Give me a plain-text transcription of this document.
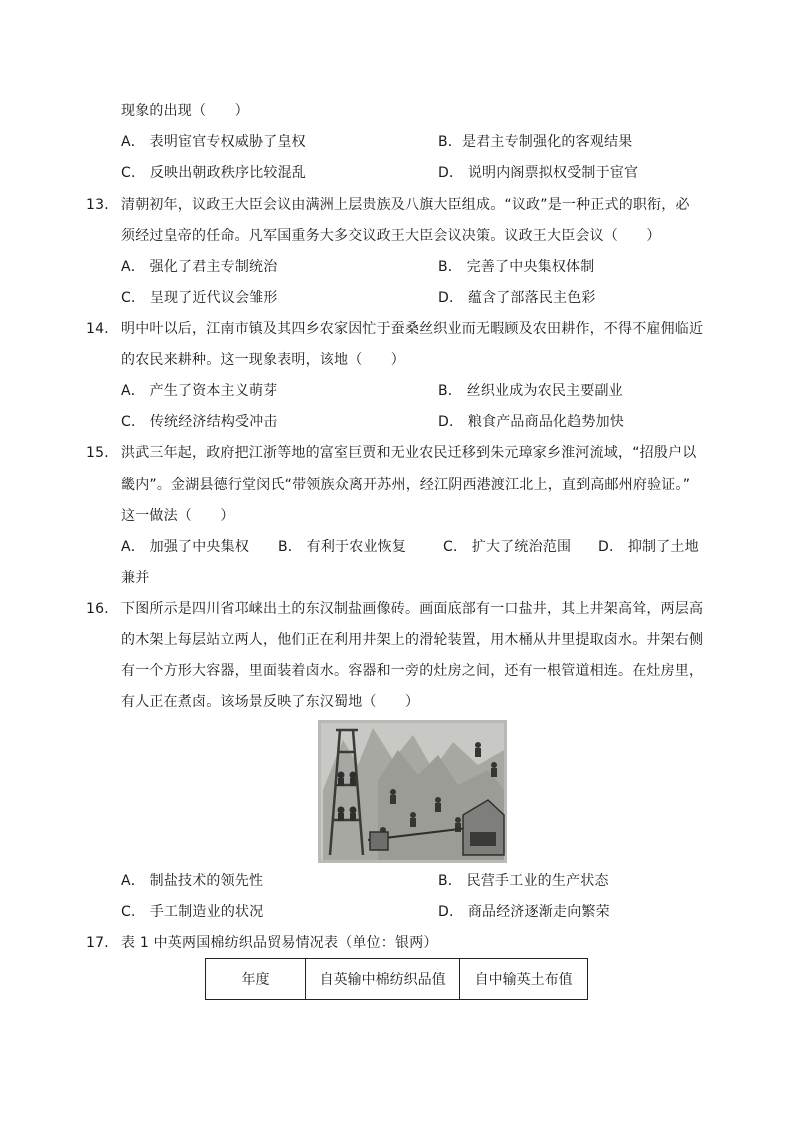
现象的出现（　　）
A． 表明宦官专权威胁了皇权	B．是君主专制强化的客观结果
C． 反映出朝政秩序比较混乱	D． 说明内阁票拟权受制于宦官
13． 清朝初年，议政王大臣会议由满洲上层贵族及八旗大臣组成。“议政”是一种正式的职衔，必
须经过皇帝的任命。凡军国重务大多交议政王大臣会议决策。议政王大臣会议（　　）
A． 强化了君主专制统治	B． 完善了中央集权体制
C． 呈现了近代议会雏形	D． 蕴含了部落民主色彩
14． 明中叶以后，江南市镇及其四乡农家因忙于蚕桑丝织业而无暇顾及农田耕作，不得不雇佣临近
的农民来耕种。这一现象表明，该地（　　）
A． 产生了资本主义萌芽	B． 丝织业成为农民主要副业
C． 传统经济结构受冲击	D． 粮食产品商品化趋势加快
15． 洪武三年起，政府把江浙等地的富室巨贾和无业农民迁移到朱元璋家乡淮河流域，“招殷户以
畿内”。金湖县德行堂闵氏“带领族众离开苏州，经江阴西港渡江北上，直到高邮州府验证。”
这一做法（　　）
A． 加强了中央集权 B． 有利于农业恢复	C． 扩大了统治范围 D． 抑制了土地
兼并
16． 下图所示是四川省邛崃出土的东汉制盐画像砖。画面底部有一口盐井，其上井架高耸，两层高
的木架上每层站立两人，他们正在利用井架上的滑轮装置，用木桶从井里提取卤水。井架右侧
有一个方形大容器，里面装着卤水。容器和一旁的灶房之间，还有一根管道相连。在灶房里，
有人正在煮卤。该场景反映了东汉蜀地（　　）
A． 制盐技术的领先性	B． 民营手工业的生产状态
C． 手工制造业的状况	D． 商品经济逐渐走向繁荣
17． 表 1 中英两国棉纺织品贸易情况表（单位：银两）
年度	自英输中棉纺织品值	自中输英土布值
